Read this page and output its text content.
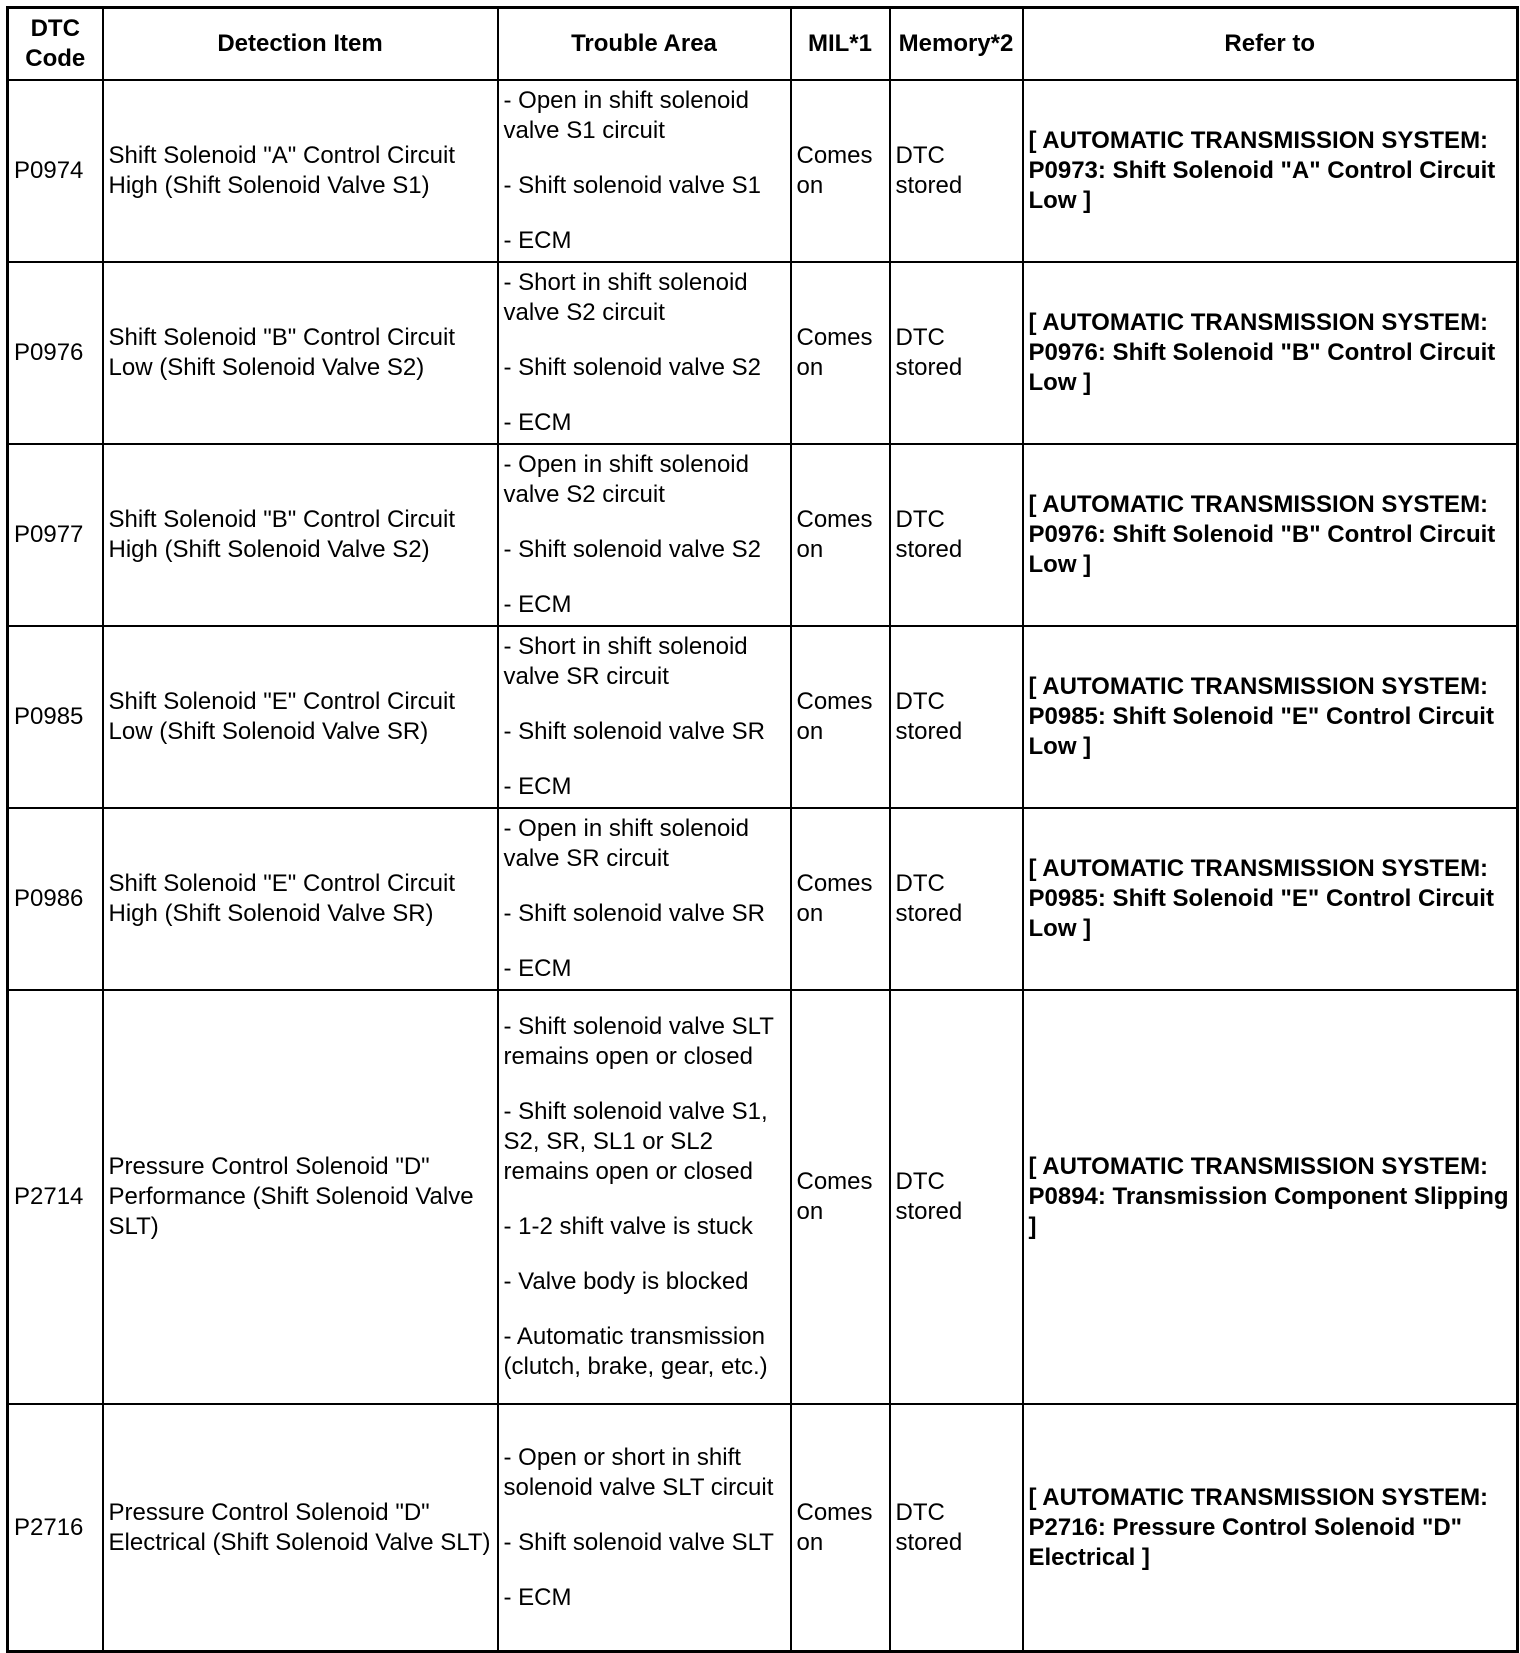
DTC Code	Detection Item	Trouble Area	MIL*1	Memory*2	Refer to
P0974	Shift Solenoid "A" Control Circuit High (Shift Solenoid Valve S1)	- Open in shift solenoid valve S1 circuit

- Shift solenoid valve S1

- ECM	Comes on	DTC stored	[ AUTOMATIC TRANSMISSION SYSTEM: P0973: Shift Solenoid "A" Control Circuit Low ]
P0976	Shift Solenoid "B" Control Circuit Low (Shift Solenoid Valve S2)	- Short in shift solenoid valve S2 circuit

- Shift solenoid valve S2

- ECM	Comes on	DTC stored	[ AUTOMATIC TRANSMISSION SYSTEM: P0976: Shift Solenoid "B" Control Circuit Low ]
P0977	Shift Solenoid "B" Control Circuit High (Shift Solenoid Valve S2)	- Open in shift solenoid valve S2 circuit

- Shift solenoid valve S2

- ECM	Comes on	DTC stored	[ AUTOMATIC TRANSMISSION SYSTEM: P0976: Shift Solenoid "B" Control Circuit Low ]
P0985	Shift Solenoid "E" Control Circuit Low (Shift Solenoid Valve SR)	- Short in shift solenoid valve SR circuit

- Shift solenoid valve SR

- ECM	Comes on	DTC stored	[ AUTOMATIC TRANSMISSION SYSTEM: P0985: Shift Solenoid "E" Control Circuit Low ]
P0986	Shift Solenoid "E" Control Circuit High (Shift Solenoid Valve SR)	- Open in shift solenoid valve SR circuit

- Shift solenoid valve SR

- ECM	Comes on	DTC stored	[ AUTOMATIC TRANSMISSION SYSTEM: P0985: Shift Solenoid "E" Control Circuit Low ]
P2714	Pressure Control Solenoid "D" Performance (Shift Solenoid Valve SLT)	- Shift solenoid valve SLT remains open or closed

- Shift solenoid valve S1, S2, SR, SL1 or SL2 remains open or closed

- 1-2 shift valve is stuck

- Valve body is blocked

- Automatic transmission (clutch, brake, gear, etc.)	Comes on	DTC stored	[ AUTOMATIC TRANSMISSION SYSTEM: P0894: Transmission Component Slipping ]
P2716	Pressure Control Solenoid "D" Electrical (Shift Solenoid Valve SLT)	- Open or short in shift solenoid valve SLT circuit

- Shift solenoid valve SLT

- ECM	Comes on	DTC stored	[ AUTOMATIC TRANSMISSION SYSTEM: P2716: Pressure Control Solenoid "D" Electrical ]
